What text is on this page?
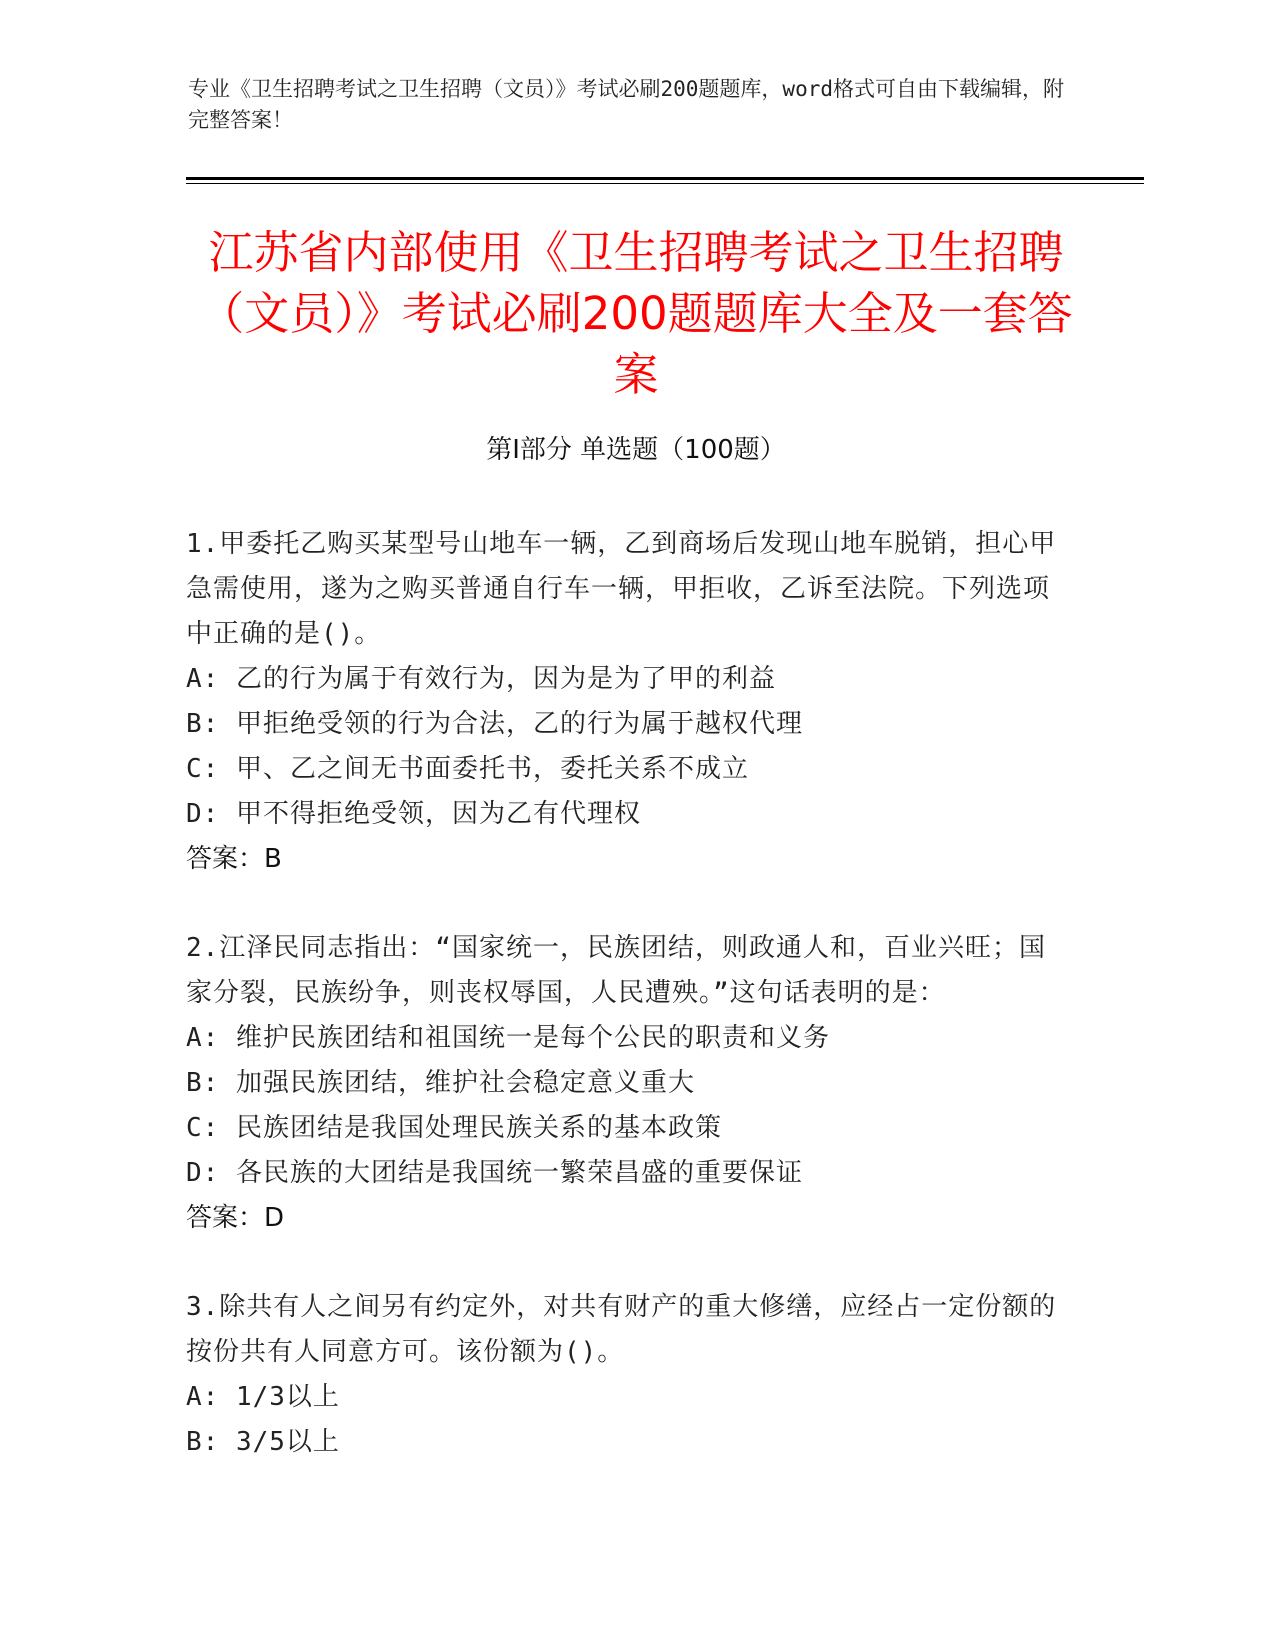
专业《卫生招聘考试之卫生招聘（文员）》考试必刷200题题库，word格式可自由下载编辑，附完整答案！
江苏省内部使用《卫生招聘考试之卫生招聘（文员）》考试必刷200题题库大全及一套答案
第I部分 单选题（100题）
1.甲委托乙购买某型号山地车一辆，乙到商场后发现山地车脱销，担心甲急需使用，遂为之购买普通自行车一辆，甲拒收，乙诉至法院。下列选项中正确的是()。
A: 乙的行为属于有效行为，因为是为了甲的利益
B: 甲拒绝受领的行为合法，乙的行为属于越权代理
C: 甲、乙之间无书面委托书，委托关系不成立
D: 甲不得拒绝受领，因为乙有代理权
答案：B
2.江泽民同志指出：“国家统一，民族团结，则政通人和，百业兴旺；国家分裂，民族纷争，则丧权辱国，人民遭殃。”这句话表明的是：
A: 维护民族团结和祖国统一是每个公民的职责和义务
B: 加强民族团结，维护社会稳定意义重大
C: 民族团结是我国处理民族关系的基本政策
D: 各民族的大团结是我国统一繁荣昌盛的重要保证
答案：D
3.除共有人之间另有约定外，对共有财产的重大修缮，应经占一定份额的按份共有人同意方可。该份额为()。
A: 1/3以上
B: 3/5以上
